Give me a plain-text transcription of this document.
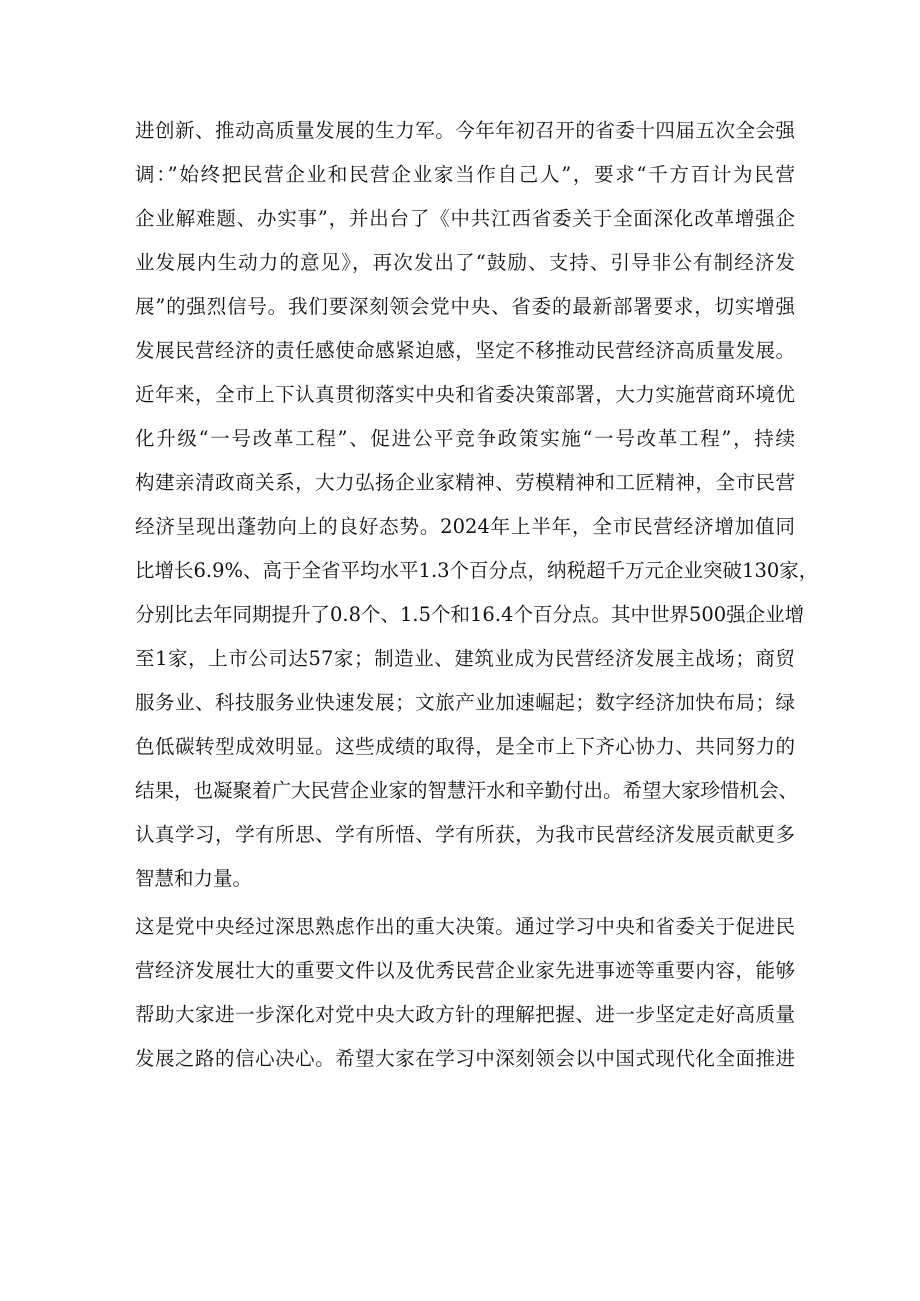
进创新、推动高质量发展的生力军。今年年初召开的省委十四届五次全会强
调：”始终把民营企业和民营企业家当作自己人”，要求“千方百计为民营
企业解难题、办实事”，并出台了《中共江西省委关于全面深化改革增强企
业发展内生动力的意见》，再次发出了“鼓励、支持、引导非公有制经济发
展”的强烈信号。我们要深刻领会党中央、省委的最新部署要求，切实增强
发展民营经济的责任感使命感紧迫感，坚定不移推动民营经济高质量发展。
近年来，全市上下认真贯彻落实中央和省委决策部署，大力实施营商环境优
化升级“一号改革工程”、促进公平竞争政策实施“一号改革工程”，持续
构建亲清政商关系，大力弘扬企业家精神、劳模精神和工匠精神，全市民营
经济呈现出蓬勃向上的良好态势。2024年上半年，全市民营经济增加值同
比增长6.9%、高于全省平均水平1.3个百分点，纳税超千万元企业突破130家，
分别比去年同期提升了0.8个、1.5个和16.4个百分点。其中世界500强企业增
至1家，上市公司达57家；制造业、建筑业成为民营经济发展主战场；商贸
服务业、科技服务业快速发展；文旅产业加速崛起；数字经济加快布局；绿
色低碳转型成效明显。这些成绩的取得，是全市上下齐心协力、共同努力的
结果，也凝聚着广大民营企业家的智慧汗水和辛勤付出。希望大家珍惜机会、
认真学习，学有所思、学有所悟、学有所获，为我市民营经济发展贡献更多
智慧和力量。
这是党中央经过深思熟虑作出的重大决策。通过学习中央和省委关于促进民
营经济发展壮大的重要文件以及优秀民营企业家先进事迹等重要内容，能够
帮助大家进一步深化对党中央大政方针的理解把握、进一步坚定走好高质量
发展之路的信心决心。希望大家在学习中深刻领会以中国式现代化全面推进
